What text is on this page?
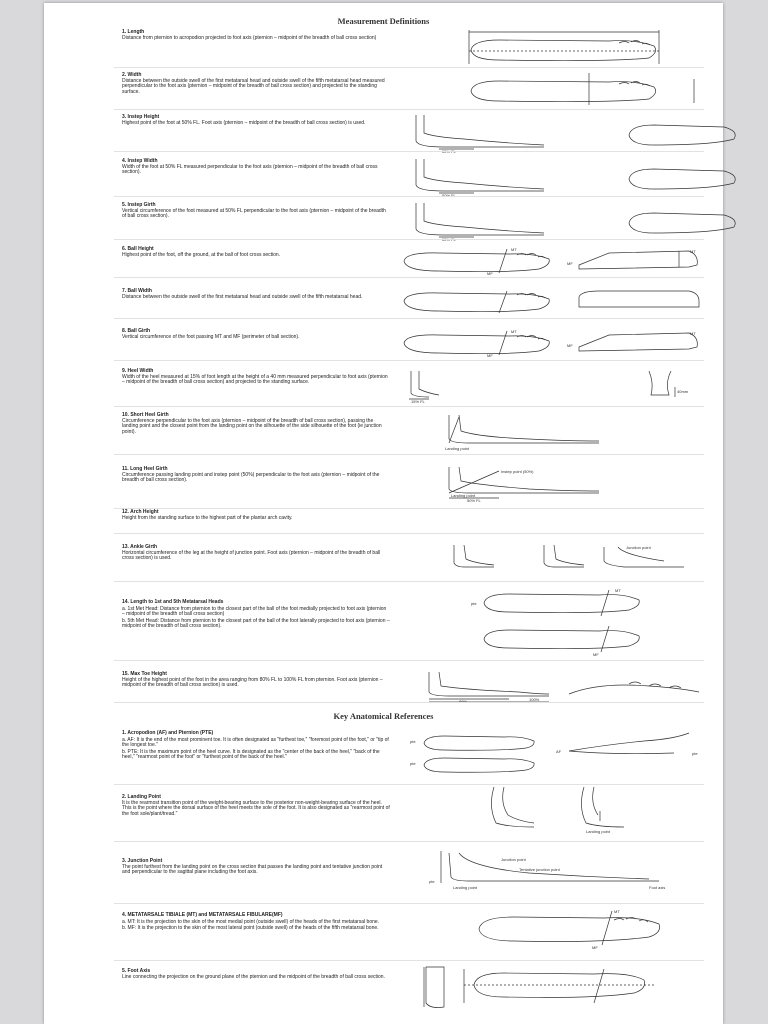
Measurement Definitions
1. Length
Distance from pternion to acropodion projected to foot axis (pternion – midpoint of the breadth of ball cross section)
2. Width
Distance between the outside swell of the first metatarsal head and outside swell of the fifth metatarsal head measured perpendicular to the foot axis (pternion – midpoint of the breadth of ball cross section) and projected to the standing surface.
3. Instep Height
Highest point of the foot at 50% FL. Foot axis (pternion – midpoint of the breadth of ball cross section) is used.
50% FL
4. Instep Width
Width of the foot at 50% FL measured perpendicular to the foot axis (pternion – midpoint of the breadth of ball cross section).
50% FL
5. Instep Girth
Vertical circumference of the foot measured at 50% FL perpendicular to the foot axis (pternion – midpoint of the breadth of ball cross section).
50% FL
6. Ball Height
Highest point of the foot, off the ground, at the ball of foot cross section.
MT
MF
MT
MF
7. Ball Width
Distance between the outside swell of the first metatarsal head and outside swell of the fifth metatarsal head.
8. Ball Girth
Vertical circumference of the foot passing MT and MF (perimeter of ball section).
MT
MF
MT
MF
9. Heel Width
Width of the heel measured at 15% of foot length at the height of a 40 mm measured perpendicular to foot axis (pternion – midpoint of the breadth of ball cross section) and projected to the standing surface.
15% FL
40mm
10. Short Heel Girth
Circumference perpendicular to the foot axis (pternion – midpoint of the breadth of ball cross section), passing the landing point and the closest point from the landing point on the silhouette of the side silhouette of the foot (ie junction point).
Landing point
11. Long Heel Girth
Circumference passing landing point and instep point (50%) perpendicular to the foot axis (pternion – midpoint of the breadth of ball cross section).
Instep point (50%)
Landing point
50% FL
12. Arch Height
Height from the standing surface to the highest part of the plantar arch cavity.
13. Ankle Girth
Horizontal circumference of the leg at the height of junction point. Foot axis (pternion – midpoint of the breadth of ball cross section) is used.
Junction point
14. Length to 1st and 5th Metatarsal Heads
a. 1st Met Head: Distance from pternion to the closest part of the ball of the foot medially projected to foot axis (pternion – midpoint of the breadth of ball cross section)
b. 5th Met Head: Distance from pternion to the closest part of the ball of the foot laterally projected to foot axis (pternion – midpoint of the breadth of ball cross section).
MT
pte
MF
15. Max Toe Height
Height of the highest point of the foot in the area ranging from 80% FL to 100% FL from pternion. Foot axis (pternion – midpoint of the breadth of ball cross section) is used.
80%	100%
Key Anatomical References
1. Acropodion (AF) and Pternion (PTE)
a. AF: It is the end of the most prominent toe. It is often designated as "furthest toe," "foremost point of the foot," or "tip of the longest toe."
b. PTE: It is the maximum point of the heel curve. It is designated as the "center of the back of the heel," "back of the heel," "rearmost point of the foot" or "furthest point of the back of the heel."
pte
pte
AF	pte
2. Landing Point
It is the rearmost transition point of the weight-bearing surface to the posterior non-weight-bearing surface of the heel. This is the point where the dorsal surface of the heel meets the sole of the foot. It is also designated as "rearmost point of the foot sole/plant/tread."
Landing point
3. Junction Point
The point furthest from the landing point on the cross section that passes the landing point and tentative junction point and perpendicular to the sagittal plane including the foot axis.
Junction point
Tentative junction point
pte
Landing point	Foot axis
4. METATARSALE TIBIALE (MT) and METATARSALE FIBULARE(MF)
a. MT: It is the projection to the skin of the most medial point (outside swell) of the heads of the first metatarsal bone.
b. MF: It is the projection to the skin of the most lateral point (outside swell) of the heads of the fifth metatarsal bone.
MT
MF
5. Foot Axis
Line connecting the projection on the ground plane of the pternion and the midpoint of the breadth of ball cross section.
